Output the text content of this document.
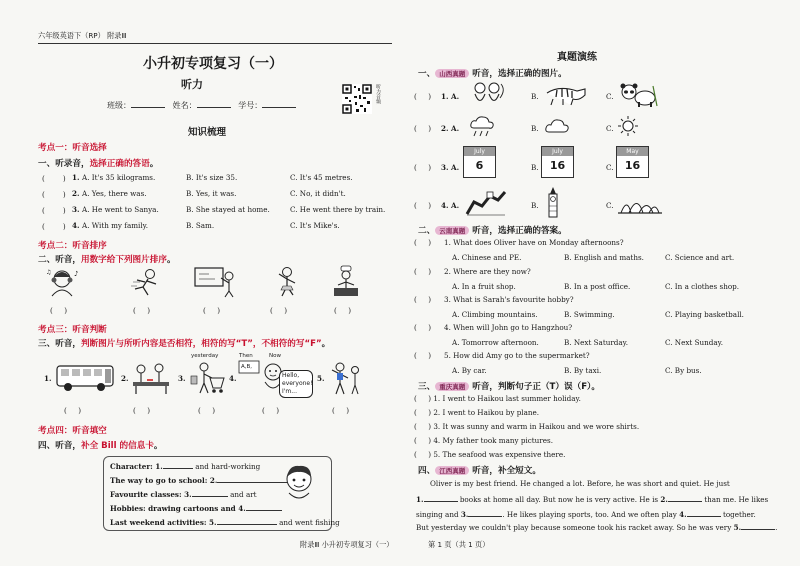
六年级英语下（RP） 附录Ⅲ
小升初专项复习（一）
听力
班级：	姓名：	学号：
听力音频
知识梳理
考点一：听音选择
一、听录音，选择正确的答语。
(	) 1. A. It's 35 kilograms.	B. It's size 35.	C. It's 45 metres.
(	) 2. A. Yes, there was.	B. Yes, it was.	C. No, it didn't.
(	) 3. A. He went to Sanya.	B. She stayed at home.	C. He went there by train.
(	) 4. A. With my family.	B. Sam.	C. It's Mike's.
考点二：听音排序
二、听音，用数字给下列图片排序。
♪
♫
(     )	(     )	(     )	(     )	(     )
考点三：听音判断
三、听音，判断图片与所听内容是否相符，相符的写“T”，不相符的写“F”。
1.	2.	3.
yesterday	Then	Now
4.
A,B,
Hello, everyone! I'm...
5.
(     )	(     )	(     )	(     )	(     )
考点四：听音填空
四、听音，补全 Bill 的信息卡。
Character: 1.	and hard-working
The way to go to school: 2.
Favourite classes: 3.	and art
Hobbies: drawing cartoons and 4.
Last weekend activities: 5.	and went fishing
附录Ⅲ 小升初专项复习（一）	第 1 页（共 1 页）
真题演练
一、 山西真题 听音，选择正确的图片。
(     ) 1. A.	B.	C.
(     ) 2. A.	B.	C.
(     ) 3. A.
July
6	B.
July
16	C.
May
16
(     ) 4. A.	B.	C.
二、 云南真题 听音，选择正确的答案。
(     ) 1. What does Oliver have on Monday afternoons?
A. Chinese and PE.	B. English and maths.	C. Science and art.
(     ) 2. Where are they now?
A. In a fruit shop.	B. In a post office.	C. In a clothes shop.
(     ) 3. What is Sarah's favourite hobby?
A. Climbing mountains.	B. Swimming.	C. Playing basketball.
(     ) 4. When will John go to Hangzhou?
A. Tomorrow afternoon.	B. Next Saturday.	C. Next Sunday.
(     ) 5. How did Amy go to the supermarket?
A. By car.	B. By taxi.	C. By bus.
三、 重庆真题 听音，判断句子正（T）误（F）。
(     ) 1. I went to Haikou last summer holiday.
(     ) 2. I went to Haikou by plane.
(     ) 3. It was sunny and warm in Haikou and we wore shirts.
(     ) 4. My father took many pictures.
(     ) 5. The seafood was expensive there.
四、 江西真题 听音，补全短文。
Oliver is my best friend. He changed a lot. Before, he was short and quiet. He just
1.	books at home all day. But now he is very active. He is 2.	than me. He likes
singing and 3.	. He likes playing sports, too. And we often play 4.	together.
But yesterday we couldn't play because someone took his racket away. So he was very 5.	.
